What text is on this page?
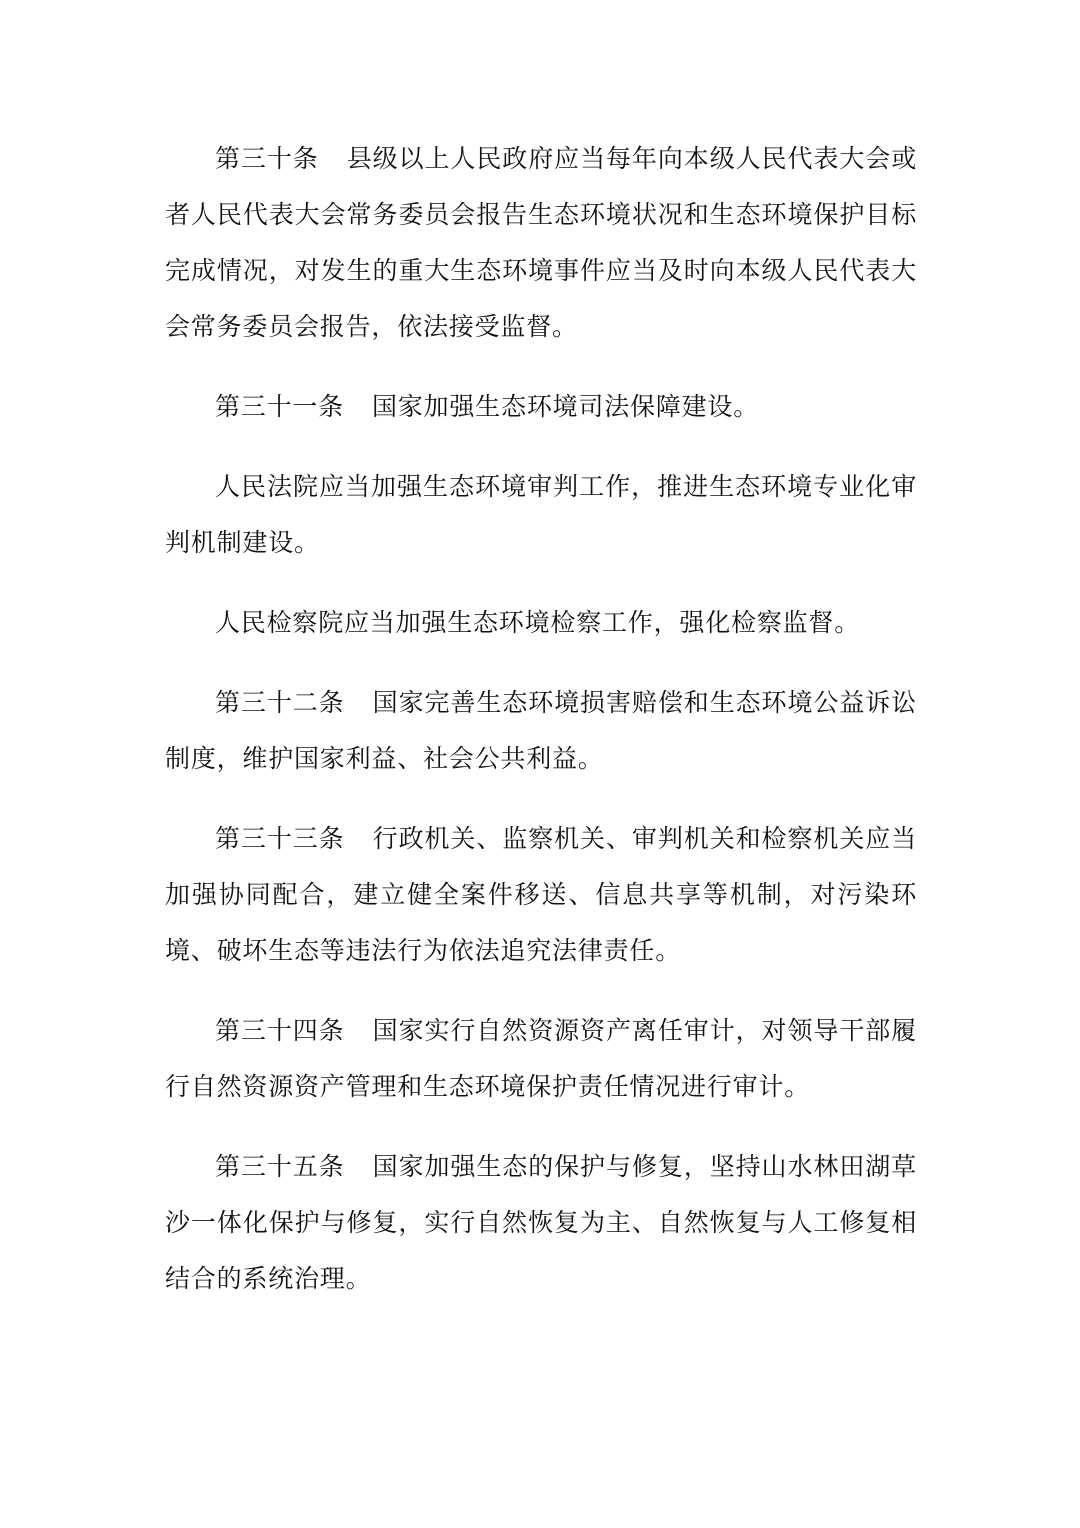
第三十条 县级以上人民政府应当每年向本级人民代表大会或者人民代表大会常务委员会报告生态环境状况和生态环境保护目标完成情况，对发生的重大生态环境事件应当及时向本级人民代表大会常务委员会报告，依法接受监督。

第三十一条 国家加强生态环境司法保障建设。

人民法院应当加强生态环境审判工作，推进生态环境专业化审判机制建设。

人民检察院应当加强生态环境检察工作，强化检察监督。

第三十二条 国家完善生态环境损害赔偿和生态环境公益诉讼制度，维护国家利益、社会公共利益。

第三十三条 行政机关、监察机关、审判机关和检察机关应当加强协同配合，建立健全案件移送、信息共享等机制，对污染环境、破坏生态等违法行为依法追究法律责任。

第三十四条 国家实行自然资源资产离任审计，对领导干部履行自然资源资产管理和生态环境保护责任情况进行审计。

第三十五条 国家加强生态的保护与修复，坚持山水林田湖草沙一体化保护与修复，实行自然恢复为主、自然恢复与人工修复相结合的系统治理。
